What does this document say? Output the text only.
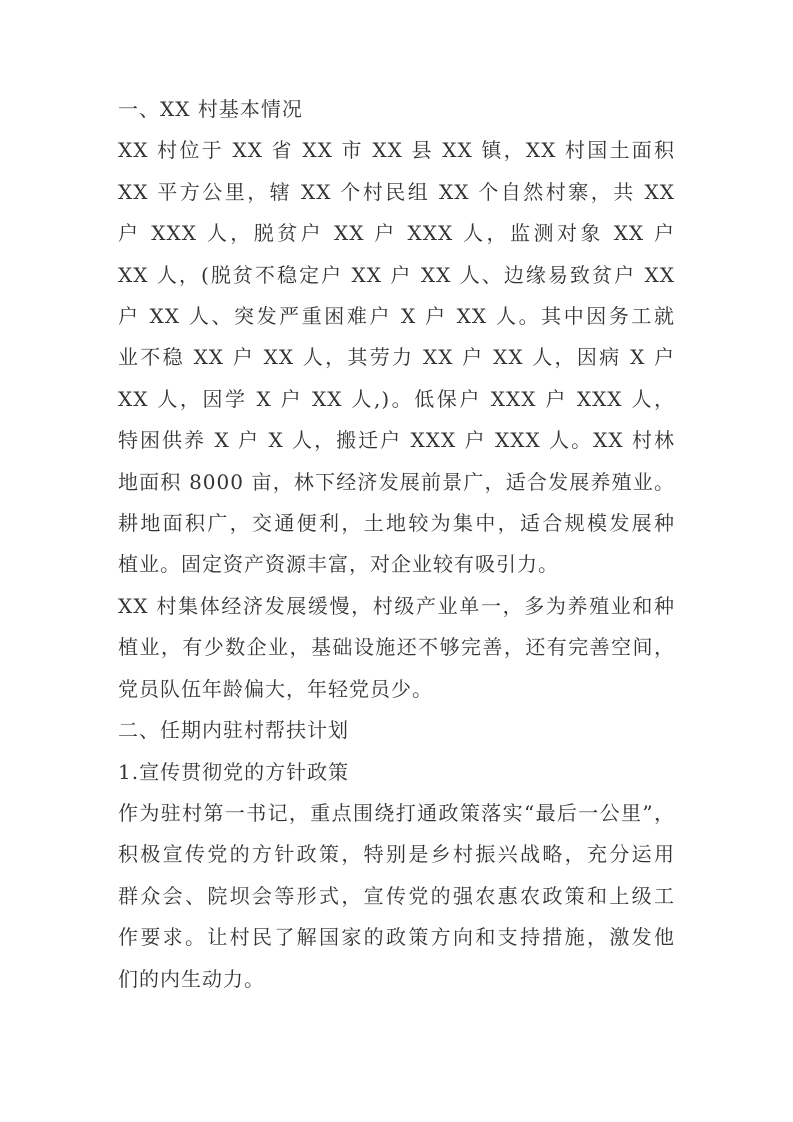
一、XX 村基本情况
XX 村位于 XX 省 XX 市 XX 县 XX 镇，XX 村国土面积
XX 平方公里，辖 XX 个村民组 XX 个自然村寨，共 XX
户 XXX 人，脱贫户 XX 户 XXX 人，监测对象 XX 户
XX 人，(脱贫不稳定户 XX 户 XX 人、边缘易致贫户 XX
户 XX 人、突发严重困难户 X 户 XX 人。其中因务工就
业不稳 XX 户 XX 人，其劳力 XX 户 XX 人，因病 X 户
XX 人，因学 X 户 XX 人,)。低保户 XXX 户 XXX 人，
特困供养 X 户 X 人，搬迁户 XXX 户 XXX 人。XX 村林
地面积 8000 亩，林下经济发展前景广，适合发展养殖业。
耕地面积广，交通便利，土地较为集中，适合规模发展种
植业。固定资产资源丰富，对企业较有吸引力。
XX 村集体经济发展缓慢，村级产业单一，多为养殖业和种
植业，有少数企业，基础设施还不够完善，还有完善空间，
党员队伍年龄偏大，年轻党员少。
二、任期内驻村帮扶计划
1.宣传贯彻党的方针政策
作为驻村第一书记，重点围绕打通政策落实“最后一公里”，
积极宣传党的方针政策，特别是乡村振兴战略，充分运用
群众会、院坝会等形式，宣传党的强农惠农政策和上级工
作要求。让村民了解国家的政策方向和支持措施，激发他
们的内生动力。
